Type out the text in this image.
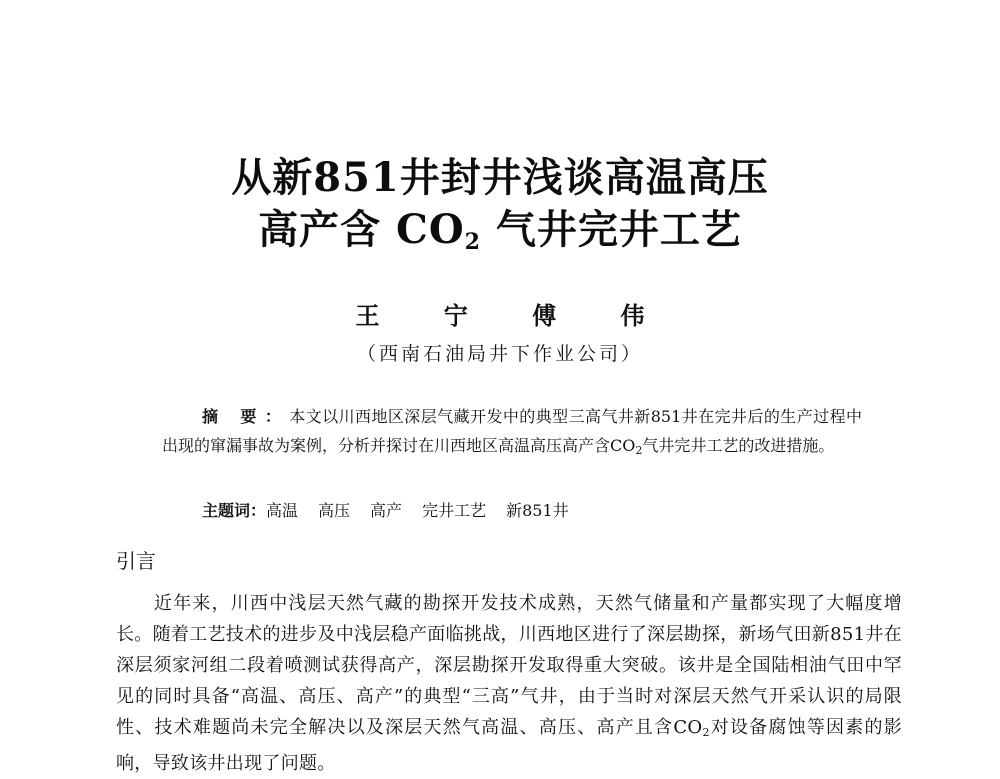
从新851井封井浅谈高温高压
高产含 $CO_2$ 气井完井工艺
王 宁 傅 伟
（西南石油局井下作业公司）
摘 要：本文以川西地区深层气藏开发中的典型三高气井新851井在完井后的生产过程中出现的窜漏事故为案例，分析并探讨在川西地区高温高压高产含$CO_2$气井完井工艺的改进措施。
主题词：高温 高压 高产 完井工艺 新851井
引言
近年来，川西中浅层天然气藏的勘探开发技术成熟，天然气储量和产量都实现了大幅度增长。随着工艺技术的进步及中浅层稳产面临挑战，川西地区进行了深层勘探，新场气田新851井在深层须家河组二段着喷测试获得高产，深层勘探开发取得重大突破。该井是全国陆相油气田中罕见的同时具备“高温、高压、高产”的典型“三高”气井，由于当时对深层天然气开采认识的局限性、技术难题尚未完全解决以及深层天然气高温、高压、高产且含$CO_2$对设备腐蚀等因素的影响，导致该井出现了问题。
